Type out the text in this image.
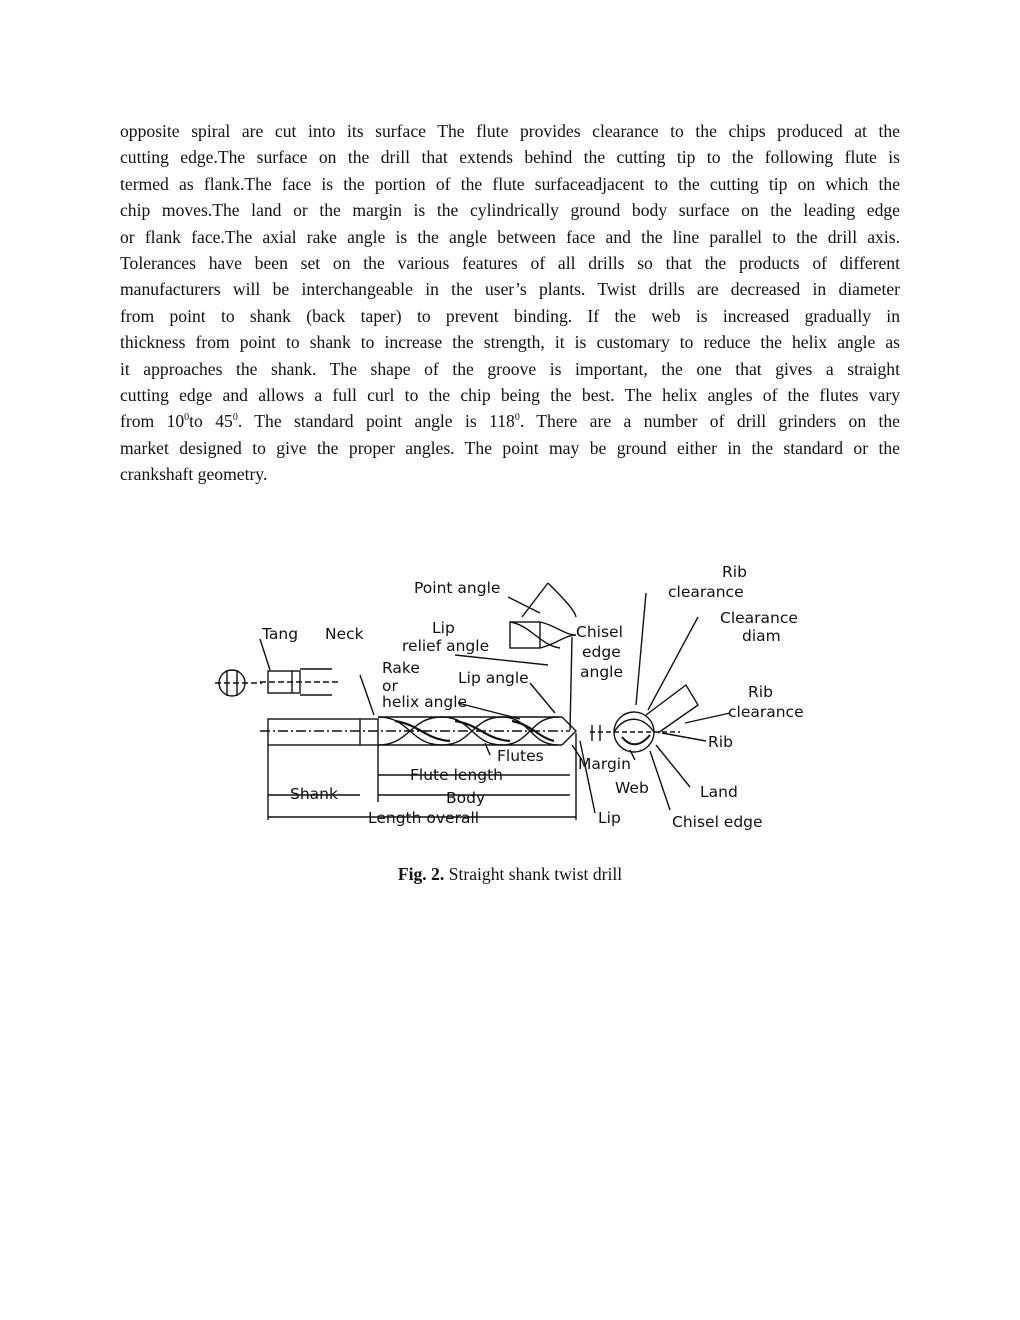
opposite spiral are cut into its surface The flute provides clearance to the chips produced at the
cutting edge.The surface on the drill that extends behind the cutting tip to the following flute is
termed as flank.The face is the portion of the flute surfaceadjacent to the cutting tip on which the
chip moves.The land or the margin is the cylindrically ground body surface on the leading edge
or flank face.The axial rake angle is the angle between face and the line parallel to the drill axis.
Tolerances have been set on the various features of all drills so that the products of different
manufacturers will be interchangeable in the user’s plants. Twist drills are decreased in diameter
from point to shank (back taper) to prevent binding. If the web is increased gradually in
thickness from point to shank to increase the strength, it is customary to reduce the helix angle as
it approaches the shank. The shape of the groove is important, the one that gives a straight
cutting edge and allows a full curl to the chip being the best. The helix angles of the flutes vary
from $10^0to$ $45^0$. The standard point angle is $118^0$. There are a number of drill grinders on the
market designed to give the proper angles. The point may be ground either in the standard or the
crankshaft geometry.
Point angle
Lip
relief angle
Chisel
edge
angle
Tang Neck
Rake
or
helix angle
Lip angle
Flutes
Flute length
Shank	Body
Length overall
Margin
Web
Lip
Rib
clearance
Clearance
diam
Rib
clearance
Rib
Land
Chisel edge

Fig. 2. Straight shank twist drill
